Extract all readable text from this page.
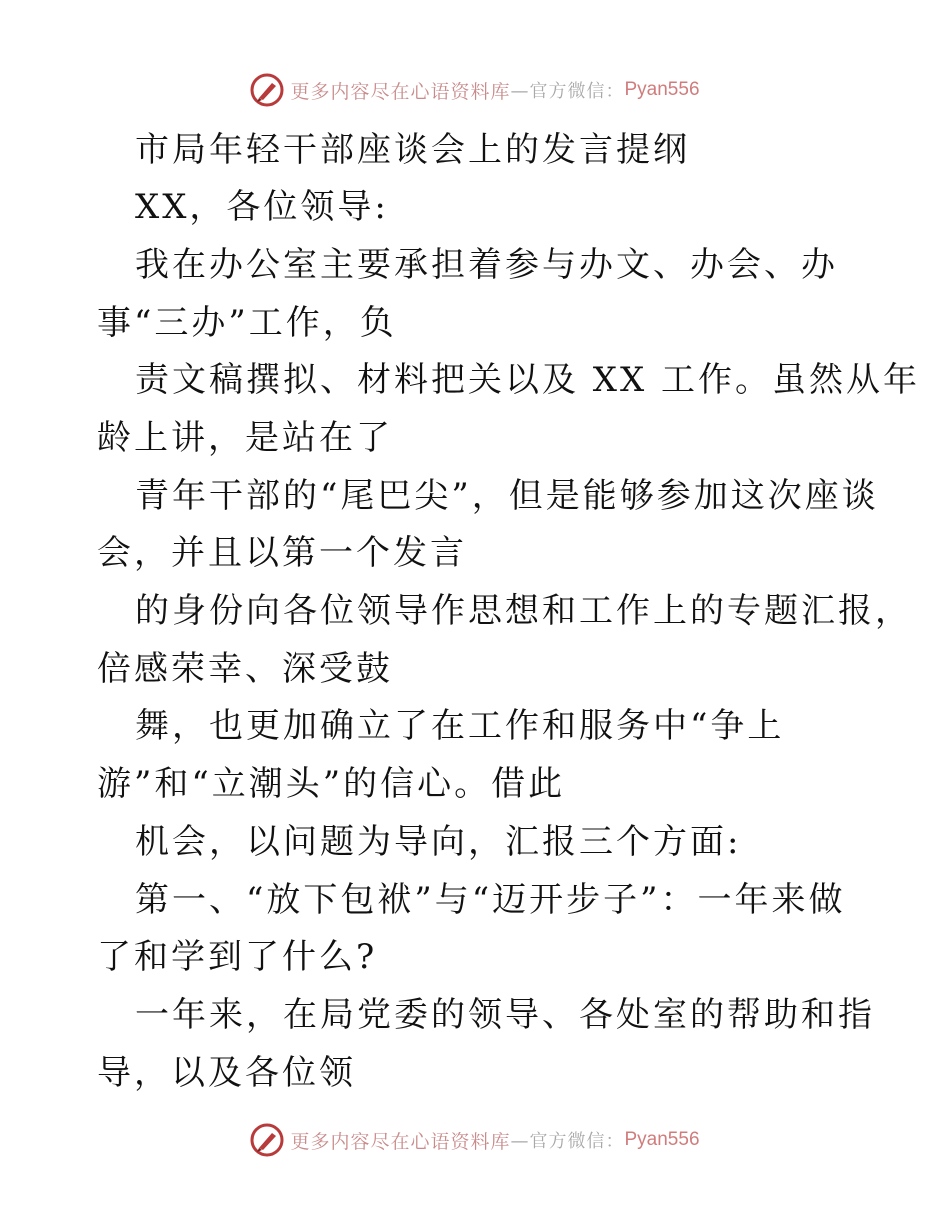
更多内容尽在心语资料库 —官方微信： Pyan556
市局年轻干部座谈会上的发言提纲
XX，各位领导:
我在办公室主要承担着参与办文、办会、办
事“三办”工作，负
责文稿撰拟、材料把关以及 XX 工作。虽然从年
龄上讲，是站在了
青年干部的“尾巴尖”，但是能够参加这次座谈
会，并且以第一个发言
的身份向各位领导作思想和工作上的专题汇报，
倍感荣幸、深受鼓
舞，也更加确立了在工作和服务中“争上
游”和“立潮头”的信心。借此
机会，以问题为导向，汇报三个方面:
第一、“放下包袱”与“迈开步子”：一年来做
了和学到了什么?
一年来，在局党委的领导、各处室的帮助和指
导，以及各位领
更多内容尽在心语资料库 —官方微信： Pyan556
